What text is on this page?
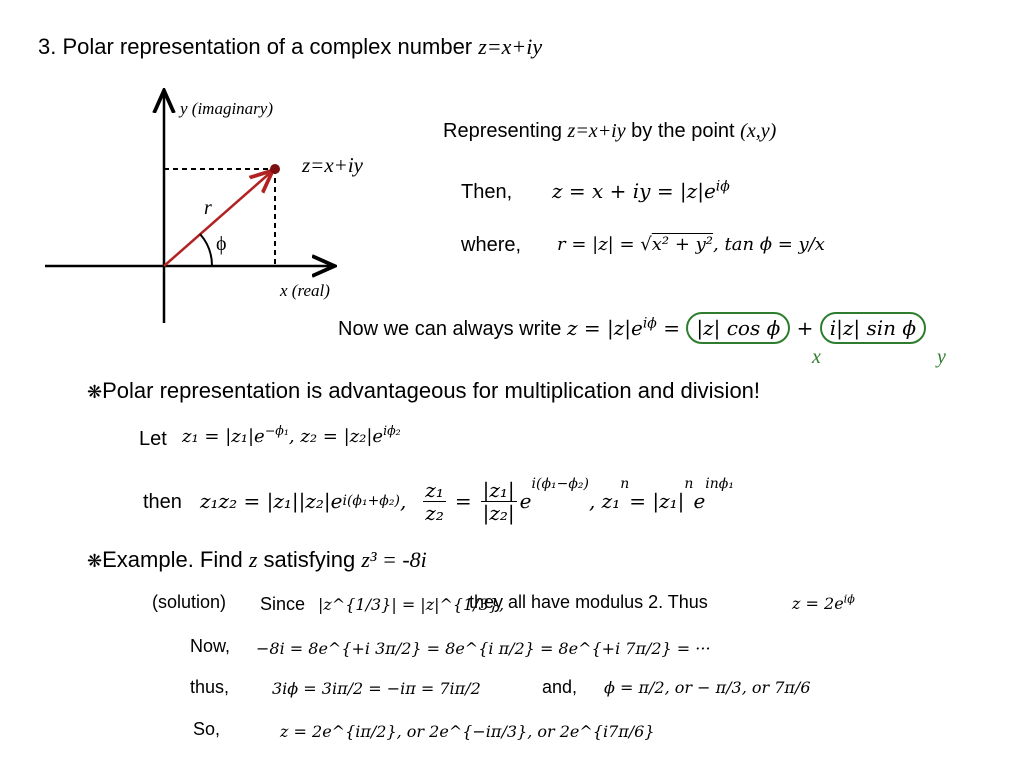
3. Polar representation of a complex number z=x+iy
y (imaginary)
x (real)
z=x+iy
r
ϕ
Representing z=x+iy by the point (x,y)
Then, z = x + iy = $|z|e^{i\phi}$
where, r = |z| = √x² + y², tan ϕ = y/x
Now we can always write $z = |z|e^{i\phi} = |z|$ cos ϕ + i|z| sin ϕ
x	y
❋Polar representation is advantageous for multiplication and division!
Let $z_1 = |z_1|e^{-\phi_1}$, $z_2 = |z_2|e^{i\phi_2}$
then z₁z₂ = |z₁||z₂|e i(ϕ₁+ϕ₂) , $\frac{\text{z₁}}{\text{z₂}} = \frac{\text{|z₁|}}{\text{|z₂|}}$ e
i(ϕ₁−ϕ₂)
, z₁
n
= |z₁|
n
e
inϕ₁
❋Example. Find z satisfying z³ = -8i
(solution) Since |z^{1/3}| = |z|^{1/3},
they all have modulus 2. Thus	$z = 2e^{i\phi}$
Now, −8i = 8e^{+i 3π/2} = 8e^{i π/2} = 8e^{+i 7π/2} = ···
thus,	3iϕ = 3iπ/2 = −iπ = 7iπ/2	and, ϕ = π/2, or − π/3, or 7π/6
So,	z = 2e^{iπ/2}, or 2e^{−iπ/3}, or 2e^{i7π/6}
